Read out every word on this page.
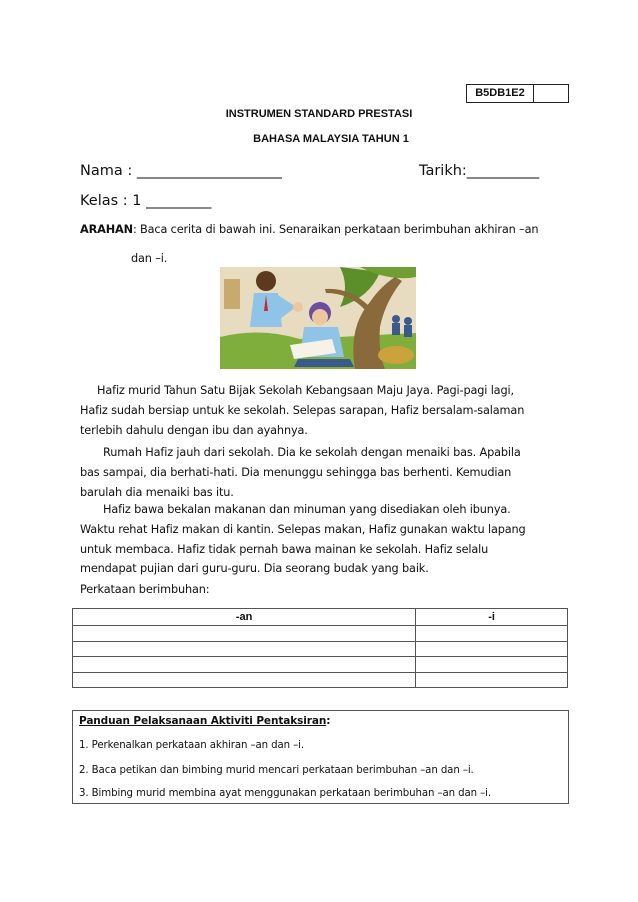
B5DB1E2
INSTRUMEN STANDARD PRESTASI
BAHASA MALAYSIA TAHUN 1
Nama : ____________________	Tarikh:__________
Kelas : 1 _________
ARAHAN: Baca cerita di bawah ini. Senaraikan perkataan berimbuhan akhiran –an
dan –i.
Hafiz murid Tahun Satu Bijak Sekolah Kebangsaan Maju Jaya. Pagi-pagi lagi,
Hafiz sudah bersiap untuk ke sekolah. Selepas sarapan, Hafiz bersalam-salaman
terlebih dahulu dengan ibu dan ayahnya.
Rumah Hafiz jauh dari sekolah. Dia ke sekolah dengan menaiki bas. Apabila
bas sampai, dia berhati-hati. Dia menunggu sehingga bas berhenti. Kemudian
barulah dia menaiki bas itu.
Hafiz bawa bekalan makanan dan minuman yang disediakan oleh ibunya.
Waktu rehat Hafiz makan di kantin. Selepas makan, Hafiz gunakan waktu lapang
untuk membaca. Hafiz tidak pernah bawa mainan ke sekolah. Hafiz selalu
mendapat pujian dari guru-guru. Dia seorang budak yang baik.
Perkataan berimbuhan:
-an	-i

Panduan Pelaksanaan Aktiviti Pentaksiran:
1. Perkenalkan perkataan akhiran –an dan –i.
2. Baca petikan dan bimbing murid mencari perkataan berimbuhan –an dan –i.
3. Bimbing murid membina ayat menggunakan perkataan berimbuhan –an dan –i.
